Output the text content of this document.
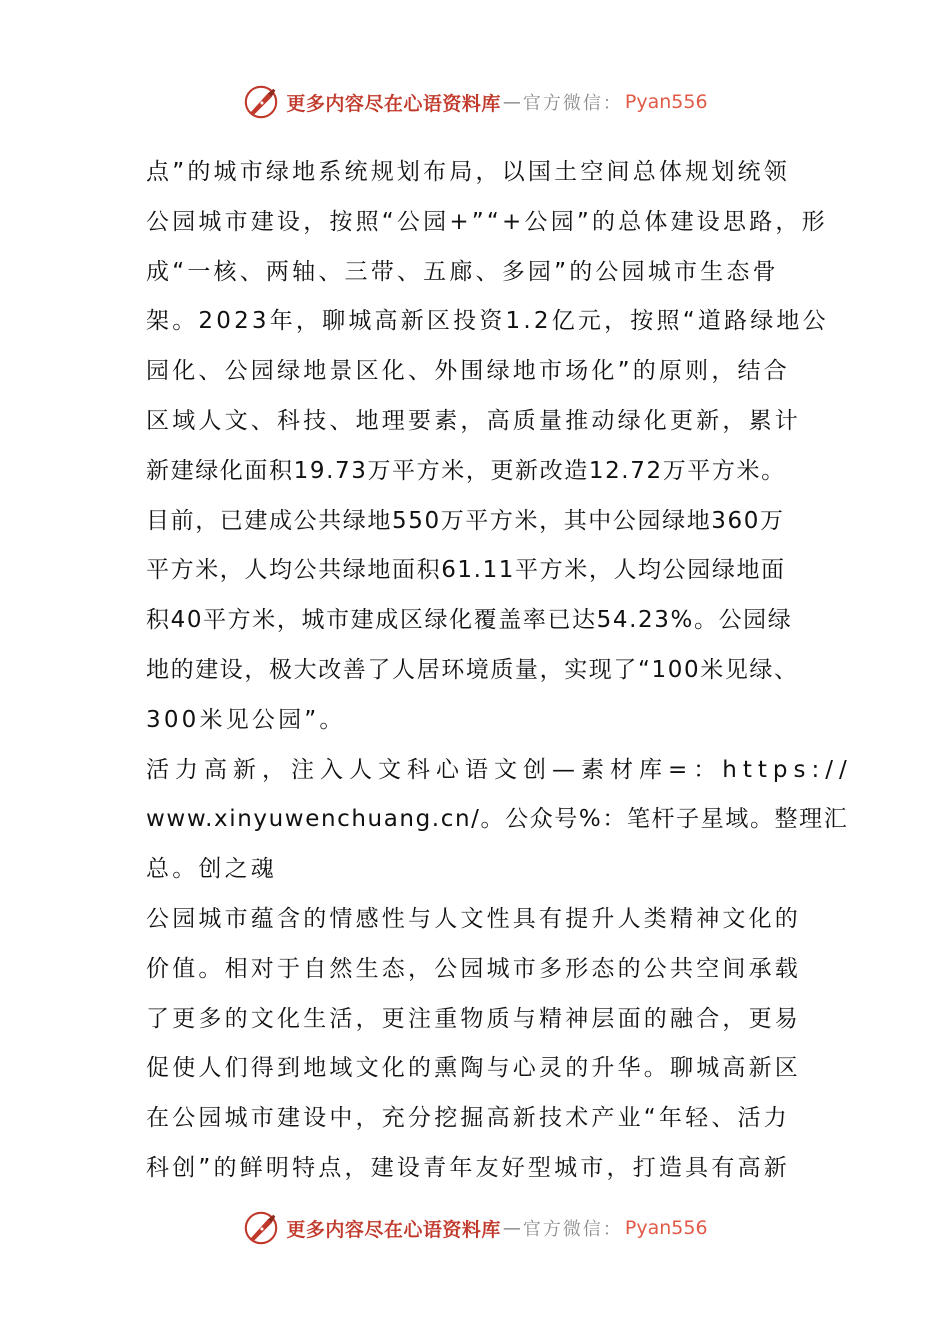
更多内容尽在心语资料库 — 官方微信： Pyan556
点”的城市绿地系统规划布局，以国土空间总体规划统领
公园城市建设，按照“公园+”“+公园”的总体建设思路，形
成“一核、两轴、三带、五廊、多园”的公园城市生态骨
架。2023年，聊城高新区投资1.2亿元，按照“道路绿地公
园化、公园绿地景区化、外围绿地市场化”的原则，结合
区域人文、科技、地理要素，高质量推动绿化更新，累计
新建绿化面积19.73万平方米，更新改造12.72万平方米。
目前，已建成公共绿地550万平方米，其中公园绿地360万
平方米，人均公共绿地面积61.11平方米，人均公园绿地面
积40平方米，城市建成区绿化覆盖率已达54.23%。公园绿
地的建设，极大改善了人居环境质量，实现了“100米见绿、
300米见公园”。
活力高新，注入人文科心语文创—素材库=：https://
www.xinyuwenchuang.cn/。公众号%：笔杆子星域。整理汇
总。创之魂
公园城市蕴含的情感性与人文性具有提升人类精神文化的
价值。相对于自然生态，公园城市多形态的公共空间承载
了更多的文化生活，更注重物质与精神层面的融合，更易
促使人们得到地域文化的熏陶与心灵的升华。聊城高新区
在公园城市建设中，充分挖掘高新技术产业“年轻、活力
科创”的鲜明特点，建设青年友好型城市，打造具有高新
更多内容尽在心语资料库 — 官方微信： Pyan556
